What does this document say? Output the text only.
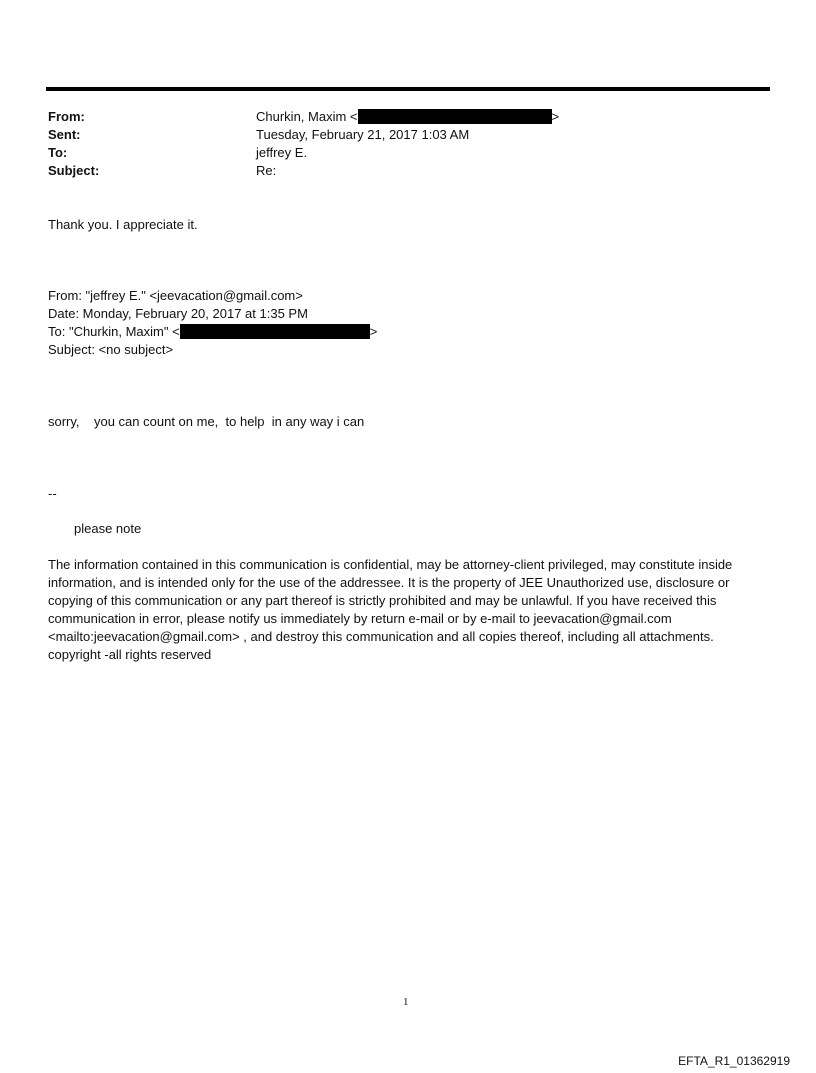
From:	Churkin, Maxim <	>
Sent:	Tuesday, February 21, 2017 1:03 AM
To:	jeffrey E.
Subject:	Re:
Thank you. I appreciate it.
From: "jeffrey E." <jeevacation@gmail.com>
Date: Monday, February 20, 2017 at 1:35 PM
To: "Churkin, Maxim" <	>
Subject: <no subject>
sorry,    you can count on me,  to help  in any way i can
--
please note
The information contained in this communication is confidential, may be attorney-client privileged, may constitute inside information, and is intended only for the use of the addressee. It is the property of JEE Unauthorized use, disclosure or copying of this communication or any part thereof is strictly prohibited and may be unlawful. If you have received this communication in error, please notify us immediately by return e-mail or by e-mail to jeevacation@gmail.com <mailto:jeevacation@gmail.com> , and destroy this communication and all copies thereof, including all attachments. copyright -all rights reserved
1
EFTA_R1_01362919
